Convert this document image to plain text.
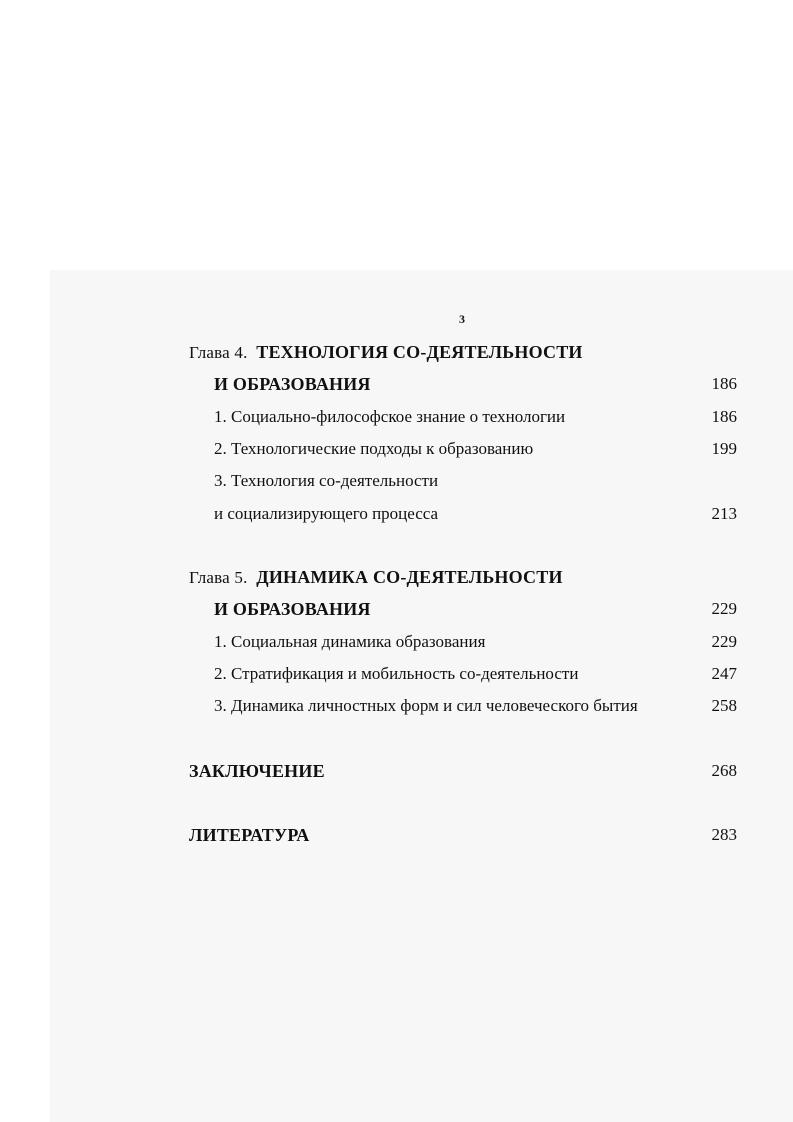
3
Глава 4. ТЕХНОЛОГИЯ СО-ДЕЯТЕЛЬНОСТИ
И ОБРАЗОВАНИЯ	186
1. Социально-философское знание о технологии	186
2. Технологические подходы к образованию	199
3. Технология со-деятельности
и социализирующего процесса	213
Глава 5. ДИНАМИКА СО-ДЕЯТЕЛЬНОСТИ
И ОБРАЗОВАНИЯ	229
1. Социальная динамика образования	229
2. Стратификация и мобильность со-деятельности	247
3. Динамика личностных форм и сил человеческого бытия	258
ЗАКЛЮЧЕНИЕ	268
ЛИТЕРАТУРА	283
